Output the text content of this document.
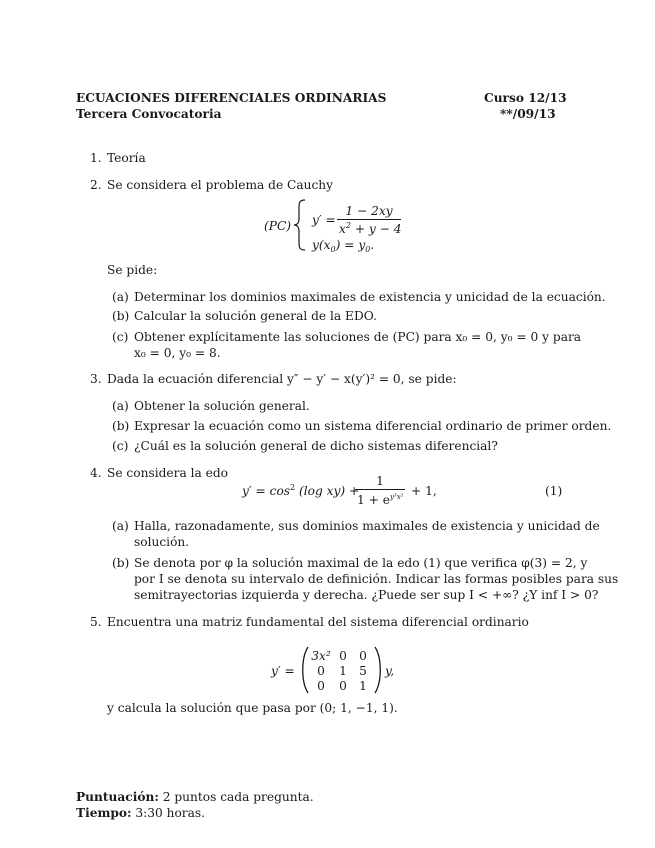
ECUACIONES DIFERENCIALES ORDINARIAS	Curso 12/13
Tercera Convocatoria	**/09/13
1. Teoría
2. Se considera el problema de Cauchy
(PC) y′ =
1 − 2xy
$x^2 + y - 4$
$y(x_0) = y_0$.
Se pide:
(a) Determinar los dominios maximales de existencia y unicidad de la ecuación.
(b) Calcular la solución general de la EDO.
(c) Obtener explícitamente las soluciones de (PC) para x₀ = 0, y₀ = 0 y para
x₀ = 0, y₀ = 8.
3. Dada la ecuación diferencial y″ − y′ − x(y′)² = 0, se pide:
(a) Obtener la solución general.
(b) Expresar la ecuación como un sistema diferencial ordinario de primer orden.
(c) ¿Cuál es la solución general de dicho sistemas diferencial?
4. Se considera la edo
$y' = \cos^2 (\log$ xy) +
1
$1 + e^{y^3x^2} + 1$,	(1)
(a) Halla, razonadamente, sus dominios maximales de existencia y unicidad de
solución.
(b) Se denota por φ la solución maximal de la edo (1) que verifica φ(3) = 2, y
por I se denota su intervalo de definición. Indicar las formas posibles para sus
semitrayectorias izquierda y derecha. ¿Puede ser sup I < +∞? ¿Y inf I > 0?
5. Encuentra una matriz fundamental del sistema diferencial ordinario
y′ =
3x² 0	0
0	1	5
0	0	1
y,
y calcula la solución que pasa por (0; 1, −1, 1).
Puntuación: 2 puntos cada pregunta.
Tiempo: 3:30 horas.
